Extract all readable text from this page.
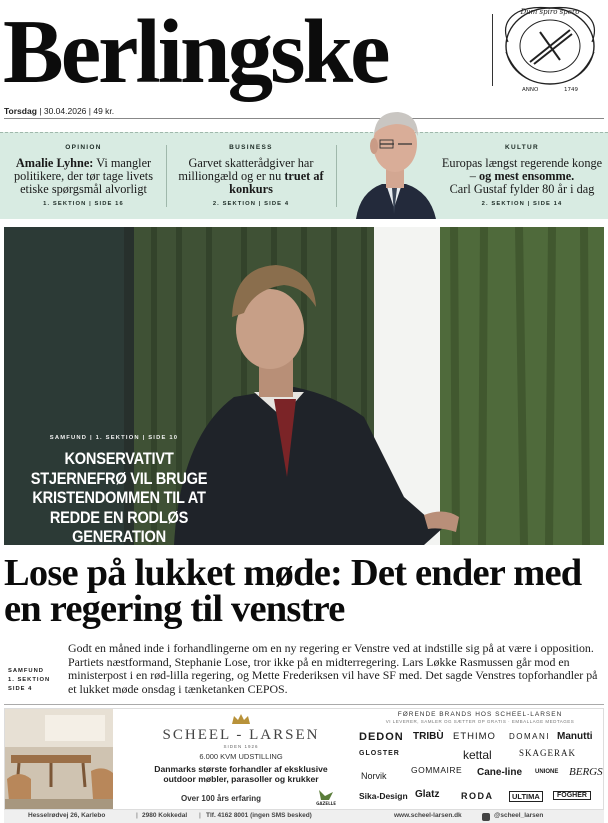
Berlingske	Dum spiro spero
ANNO	1749
Torsdag | 30.04.2026 | 49 kr.
OPINION
Amalie Lyhne: Vi mangler politikere, der tør tage livets etiske spørgsmål alvorligt
1. SEKTION | SIDE 16
BUSINESS
Garvet skatterådgiver har milliongæld og er nu truet af konkurs
2. SEKTION | SIDE 4
KULTUR
Europas længst regerende konge – og mest ensomme.
Carl Gustaf fylder 80 år i dag
2. SEKTION | SIDE 14
SAMFUND | 1. SEKTION | SIDE 10
KONSERVATIVT STJERNEFRØ VIL BRUGE KRISTENDOMMEN TIL AT REDDE EN RODLØS GENERATION
Lose på lukket møde: Det ender med en regering til venstre
Godt en måned inde i forhandlingerne om en ny regering er Venstre ved at indstille sig på at være i opposition. Partiets næstformand, Stephanie Lose, tror ikke på en midterregering. Lars Løkke Rasmussen går mod en ministerpost i en rød-lilla regering, og Mette Frederiksen vil have SF med. Det sagde Venstres topforhandler på et lukket møde onsdag i tænketanken CEPOS.
SAMFUND
1. SEKTION
SIDE 4
SCHEEL - LARSEN
SIDEN 1926
6.000 KVM UDSTILLING
Danmarks største forhandler af eksklusive outdoor møbler, parasoller og krukker
Over 100 års erfaring
GAZELLE
FØRENDE BRANDS HOS SCHEEL-LARSEN
VI LEVERER, SAMLER OG SÆTTER OP GRATIS · EMBALLAGE MEDTAGES
DEDON TRIBÙ ETHIMO DOMANI Manutti
GLOSTER	kettal	SKAGERAK
Norvik
GOMMAIRE Cane-line UNIONE BERGS
Sika-Design Glatz RODA	ULTIMA	FOGHER
Hesselrødvej 26, Karlebo	| 2980 Kokkedal | Tlf. 4162 8001 (ingen SMS besked)	www.scheel-larsen.dk	@scheel_larsen
